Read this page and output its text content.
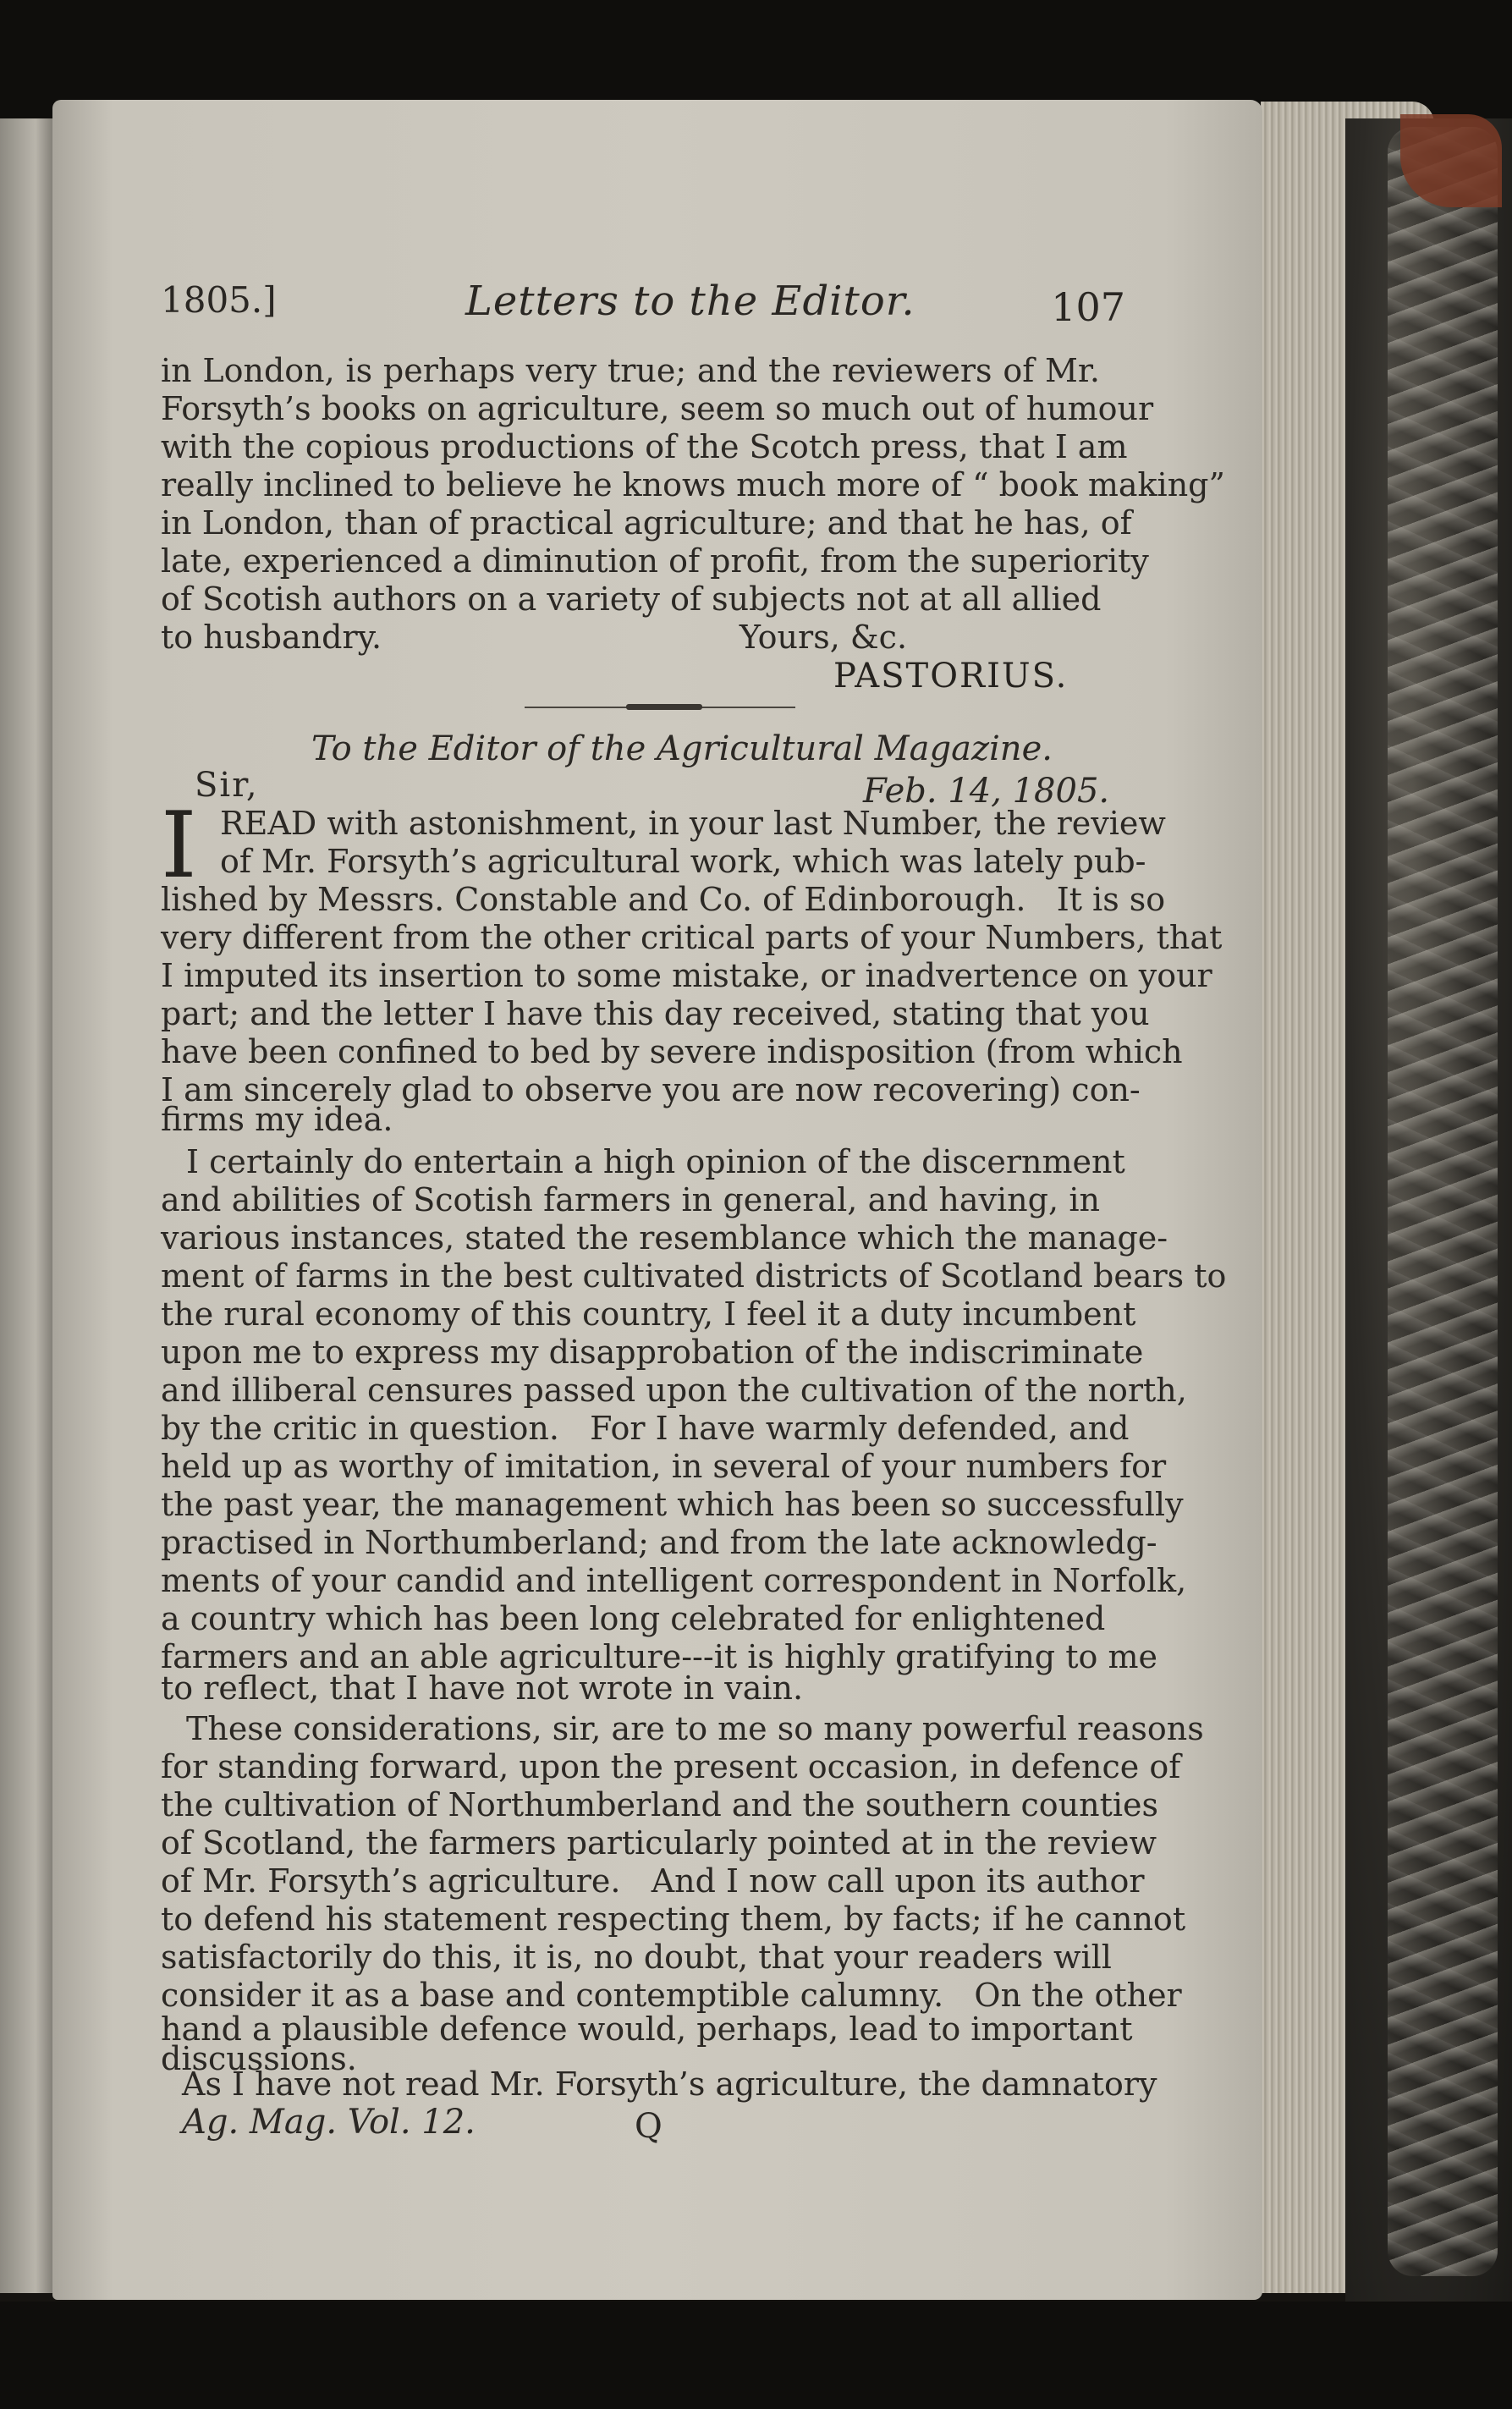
1805.]	Letters to the Editor.	107
in London, is perhaps very true; and the reviewers of Mr.
Forsyth’s books on agriculture, seem so much out of humour
with the copious productions of the Scotch press, that I am
really inclined to believe he knows much more of “ book making”
in London, than of practical agriculture; and that he has, of
late, experienced a diminution of profit, from the superiority
of Scotish authors on a variety of subjects not at all allied
to husbandry.                                   Yours, &c.
PASTORIUS.
To the Editor of the Agricultural Magazine.
Sir,	Feb. 14, 1805.
I READ with astonishment, in your last Number, the review
of Mr. Forsyth’s agricultural work, which was lately pub-
lished by Messrs. Constable and Co. of Edinborough.   It is so
very different from the other critical parts of your Numbers, that
I imputed its insertion to some mistake, or inadvertence on your
part; and the letter I have this day received, stating that you
have been confined to bed by severe indisposition (from which
I am sincerely glad to observe you are now recovering) con-
firms my idea.
I certainly do entertain a high opinion of the discernment
and abilities of Scotish farmers in general, and having, in
various instances, stated the resemblance which the manage-
ment of farms in the best cultivated districts of Scotland bears to
the rural economy of this country, I feel it a duty incumbent
upon me to express my disapprobation of the indiscriminate
and illiberal censures passed upon the cultivation of the north,
by the critic in question.   For I have warmly defended, and
held up as worthy of imitation, in several of your numbers for
the past year, the management which has been so successfully
practised in Northumberland; and from the late acknowledg-
ments of your candid and intelligent correspondent in Norfolk,
a country which has been long celebrated for enlightened
farmers and an able agriculture---it is highly gratifying to me
to reflect, that I have not wrote in vain.
These considerations, sir, are to me so many powerful reasons
for standing forward, upon the present occasion, in defence of
the cultivation of Northumberland and the southern counties
of Scotland, the farmers particularly pointed at in the review
of Mr. Forsyth’s agriculture.   And I now call upon its author
to defend his statement respecting them, by facts; if he cannot
satisfactorily do this, it is, no doubt, that your readers will
consider it as a base and contemptible calumny.   On the other
hand a plausible defence would, perhaps, lead to important
discussions.
As I have not read Mr. Forsyth’s agriculture, the damnatory
Ag. Mag. Vol. 12.	Q
